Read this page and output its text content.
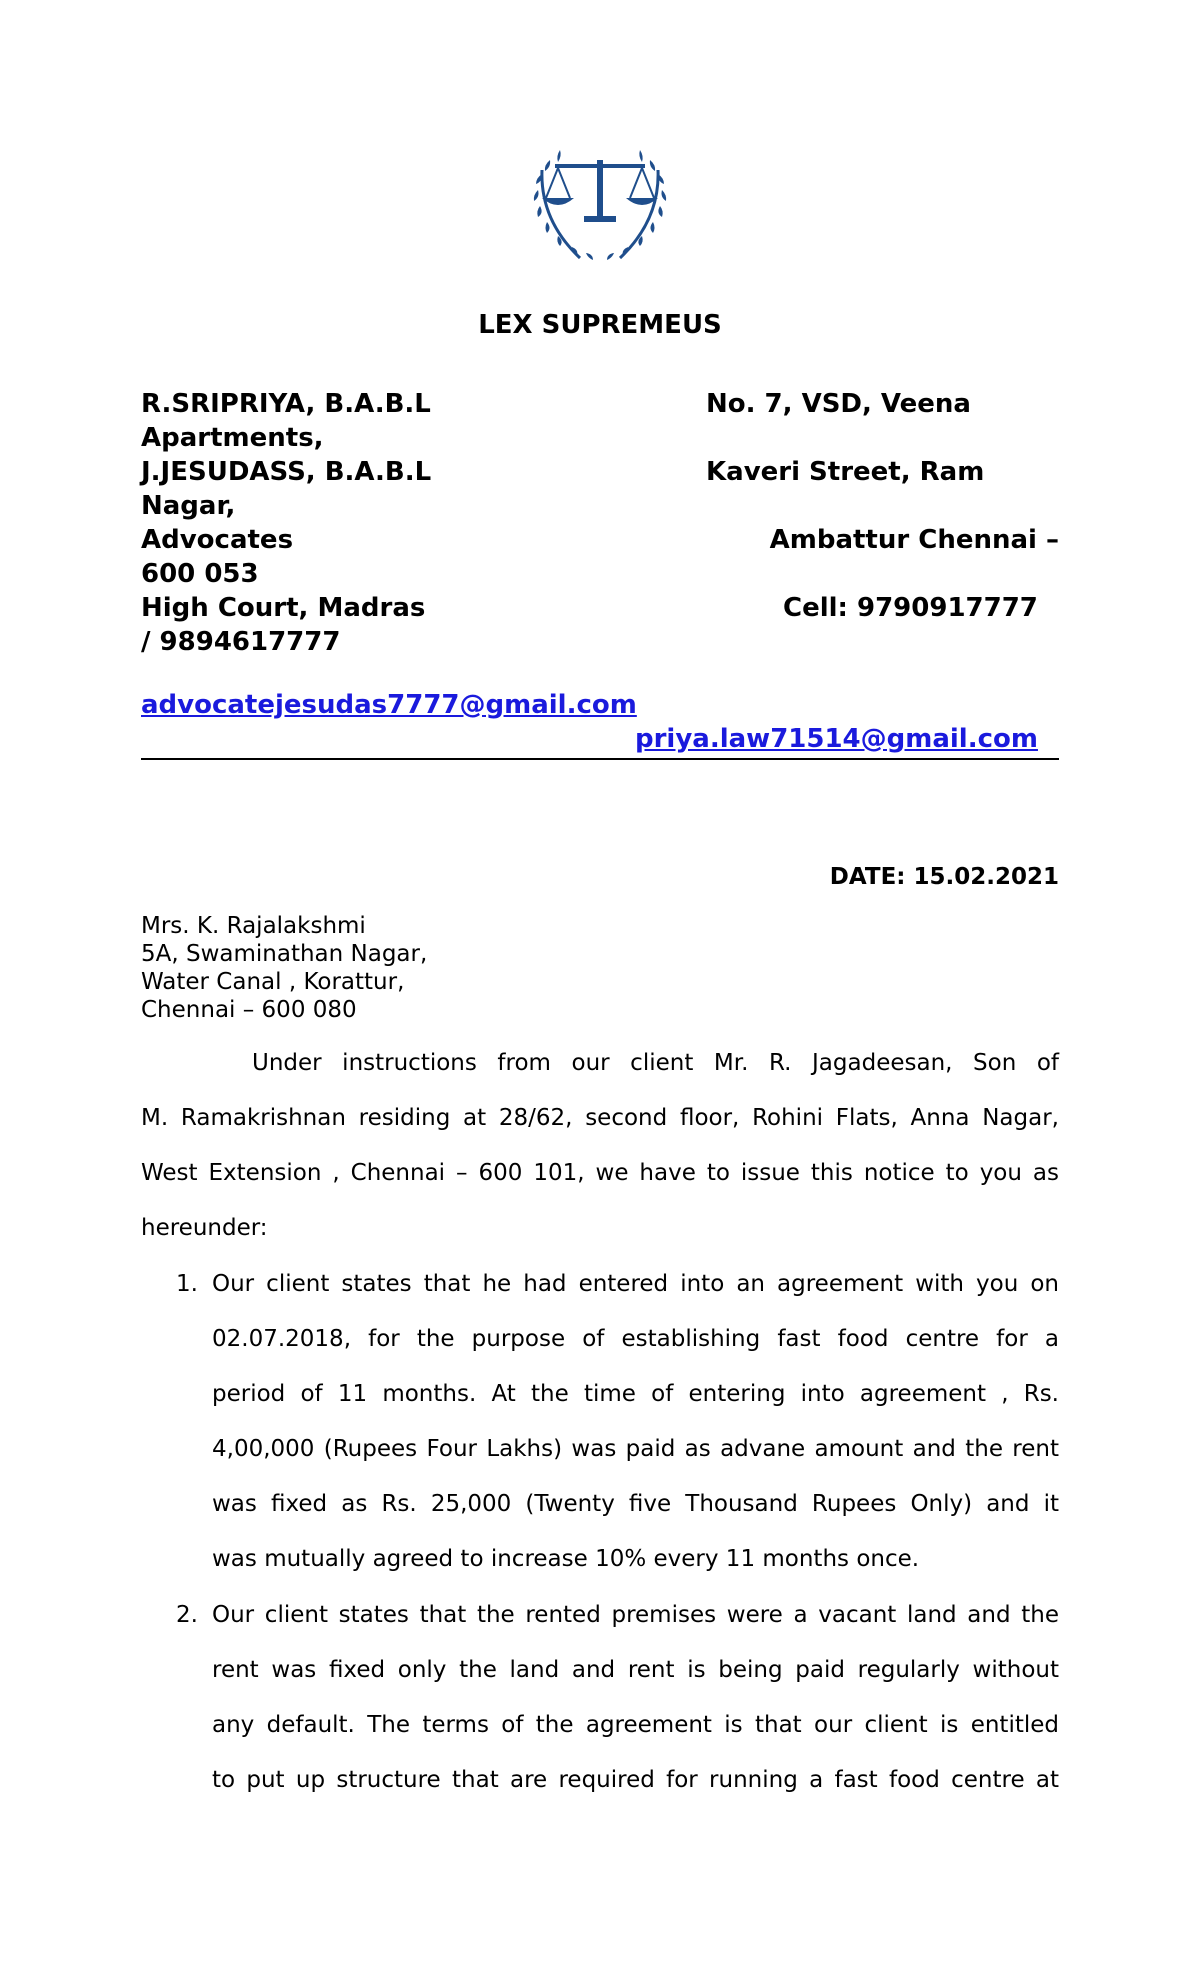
LEX SUPREMEUS
R.SRIPRIYA, B.A.B.L
Apartments,
J.JESUDASS, B.A.B.L
Nagar,
Advocates
600 053
High Court, Madras
/ 9894617777
No. 7, VSD, Veena
Kaveri Street, Ram
Ambattur Chennai –
Cell: 9790917777
advocatejesudas7777@gmail.com
priya.law71514@gmail.com
DATE: 15.02.2021
Mrs. K. Rajalakshmi
5A, Swaminathan Nagar,
Water Canal , Korattur,
Chennai – 600 080
Under instructions from our client Mr. R. Jagadeesan, Son of
M. Ramakrishnan residing at 28/62, second floor, Rohini Flats, Anna Nagar,
West Extension , Chennai – 600 101, we have to issue this notice to you as
hereunder:
1. Our client states that he had entered into an agreement with you on
02.07.2018, for the purpose of establishing fast food centre for a
period of 11 months. At the time of entering into agreement , Rs.
4,00,000 (Rupees Four Lakhs) was paid as advane amount and the rent
was fixed as Rs. 25,000 (Twenty five Thousand Rupees Only) and it
was mutually agreed to increase 10% every 11 months once.
2. Our client states that the rented premises were a vacant land and the
rent was fixed only the land and rent is being paid regularly without
any default. The terms of the agreement is that our client is entitled
to put up structure that are required for running a fast food centre at
